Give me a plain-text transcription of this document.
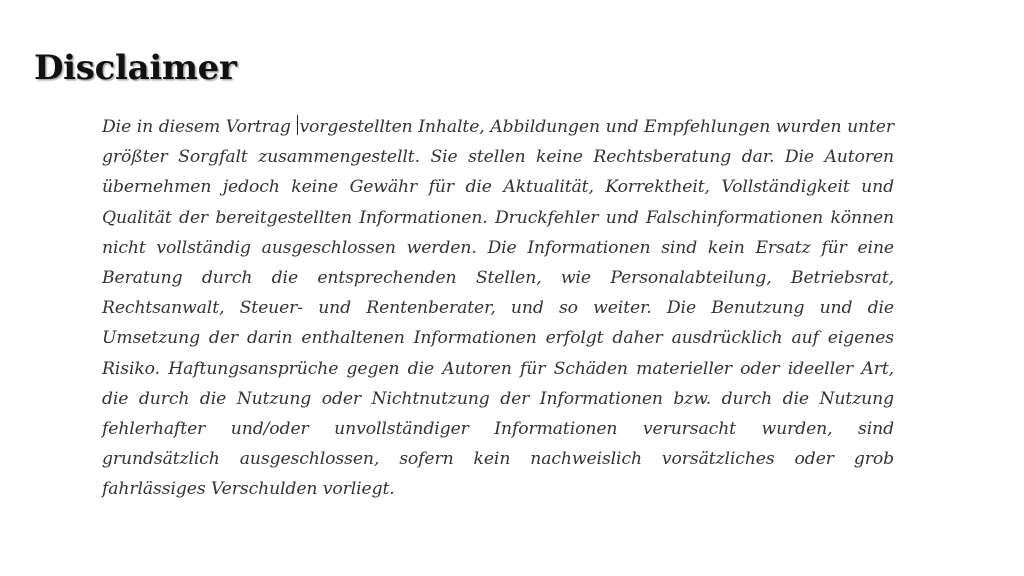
Disclaimer

Die in diesem Vortrag vorgestellten Inhalte, Abbildungen und Empfehlungen wurden unter größter Sorgfalt zusammengestellt. Sie stellen keine Rechtsberatung dar. Die Autoren übernehmen jedoch keine Gewähr für die Aktualität, Korrektheit, Vollständigkeit und Qualität der bereitgestellten Informationen. Druckfehler und Falschinformationen können nicht vollständig ausgeschlossen werden. Die Informationen sind kein Ersatz für eine Beratung durch die entsprechenden Stellen, wie Personalabteilung, Betriebsrat, Rechtsanwalt, Steuer- und Rentenberater, und so weiter. Die Benutzung und die Umsetzung der darin enthaltenen Informationen erfolgt daher ausdrücklich auf eigenes Risiko. Haftungsansprüche gegen die Autoren für Schäden materieller oder ideeller Art, die durch die Nutzung oder Nichtnutzung der Informationen bzw. durch die Nutzung fehlerhafter und/oder unvollständiger Informationen verursacht wurden, sind grundsätzlich ausgeschlossen, sofern kein nachweislich vorsätzliches oder grob fahrlässiges Verschulden vorliegt.
